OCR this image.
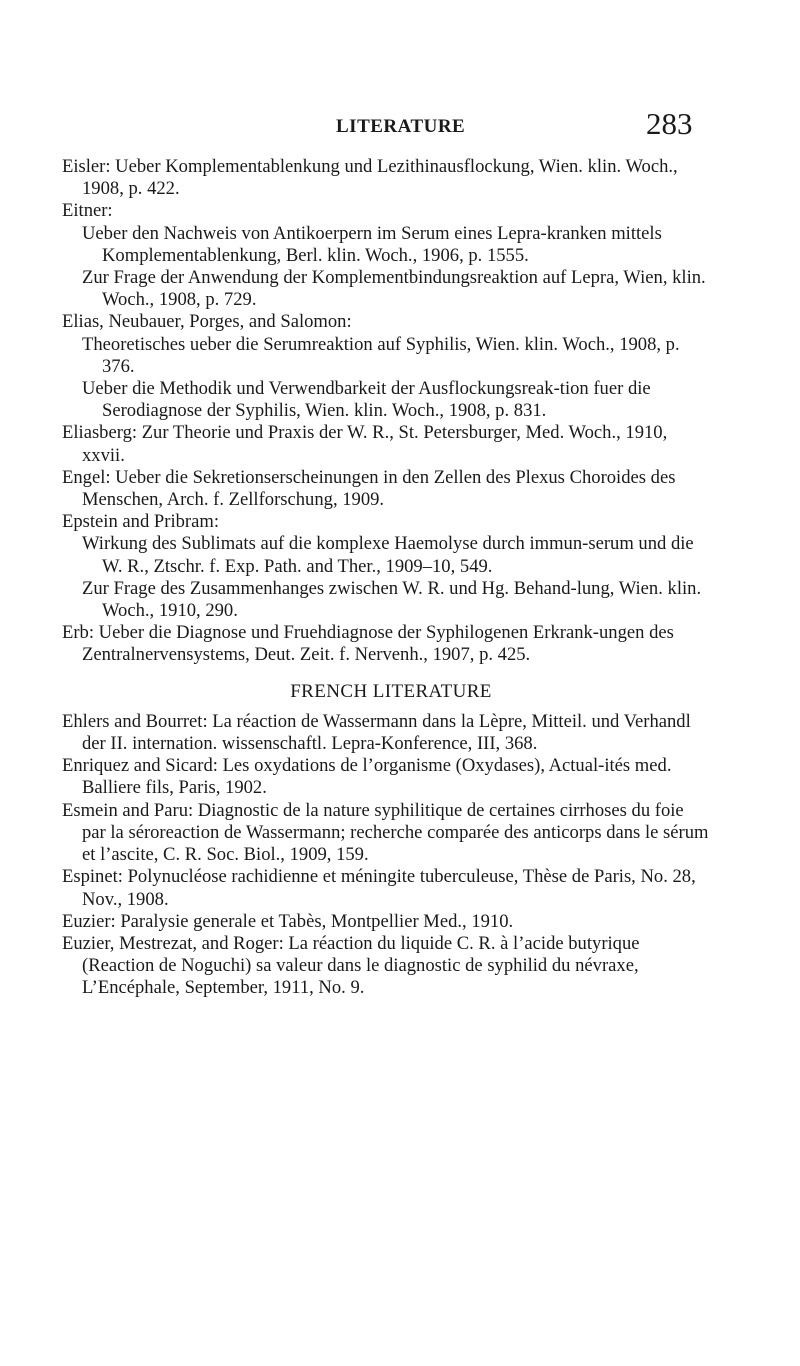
LITERATURE	283

Eisler: Ueber Komplementablenkung und Lezithinausflockung, Wien. klin. Woch., 1908, p. 422.

Eitner:

Ueber den Nachweis von Antikoerpern im Serum eines Lepra-kranken mittels Komplementablenkung, Berl. klin. Woch., 1906, p. 1555.

Zur Frage der Anwendung der Komplementbindungsreaktion auf Lepra, Wien, klin. Woch., 1908, p. 729.

Elias, Neubauer, Porges, and Salomon:

Theoretisches ueber die Serumreaktion auf Syphilis, Wien. klin. Woch., 1908, p. 376.

Ueber die Methodik und Verwendbarkeit der Ausflockungsreak-tion fuer die Serodiagnose der Syphilis, Wien. klin. Woch., 1908, p. 831.

Eliasberg: Zur Theorie und Praxis der W. R., St. Petersburger, Med. Woch., 1910, xxvii.

Engel: Ueber die Sekretionserscheinungen in den Zellen des Plexus Choroides des Menschen, Arch. f. Zellforschung, 1909.

Epstein and Pribram:

Wirkung des Sublimats auf die komplexe Haemolyse durch immun-serum und die W. R., Ztschr. f. Exp. Path. and Ther., 1909–10, 549.

Zur Frage des Zusammenhanges zwischen W. R. und Hg. Behand-lung, Wien. klin. Woch., 1910, 290.

Erb: Ueber die Diagnose und Fruehdiagnose der Syphilogenen Erkrank-ungen des Zentralnervensystems, Deut. Zeit. f. Nervenh., 1907, p. 425.

FRENCH LITERATURE

Ehlers and Bourret: La réaction de Wassermann dans la Lèpre, Mitteil. und Verhandl der II. internation. wissenschaftl. Lepra-Konference, III, 368.

Enriquez and Sicard: Les oxydations de l’organisme (Oxydases), Actual-ités med. Balliere fils, Paris, 1902.

Esmein and Paru: Diagnostic de la nature syphilitique de certaines cirrhoses du foie par la séroreaction de Wassermann; recherche comparée des anticorps dans le sérum et l’ascite, C. R. Soc. Biol., 1909, 159.

Espinet: Polynucléose rachidienne et méningite tuberculeuse, Thèse de Paris, No. 28, Nov., 1908.

Euzier: Paralysie generale et Tabès, Montpellier Med., 1910.

Euzier, Mestrezat, and Roger: La réaction du liquide C. R. à l’acide butyrique (Reaction de Noguchi) sa valeur dans le diagnostic de syphilid du névraxe, L’Encéphale, September, 1911, No. 9.
